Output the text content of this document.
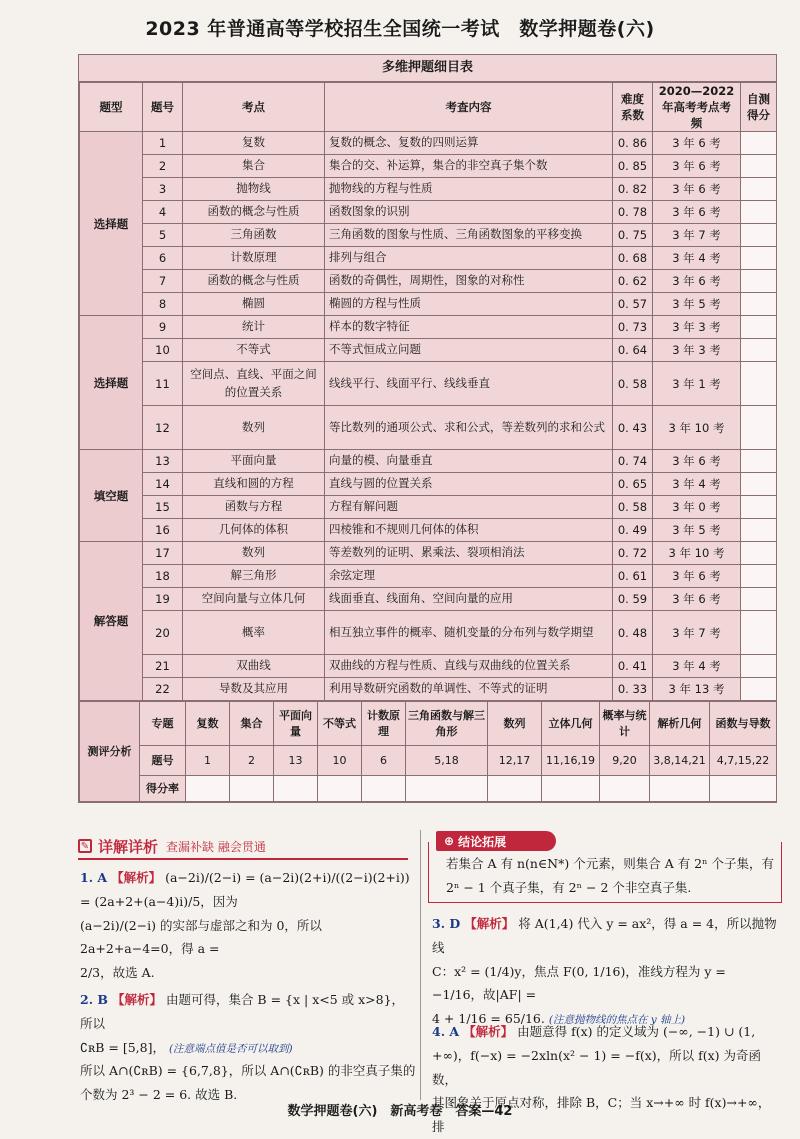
2023 年普通高等学校招生全国统一考试　数学押题卷(六)
多维押题细目表
题型	题号	考点	考查内容	难度系数	2020—2022 年高考考点考频	自测得分
选择题	1	复数	复数的概念、复数的四则运算	0. 86	3 年 6 考	
	2	集合	集合的交、补运算，集合的非空真子集个数	0. 85	3 年 6 考	
	3	抛物线	抛物线的方程与性质	0. 82	3 年 6 考	
	4	函数的概念与性质	函数图象的识别	0. 78	3 年 6 考	
	5	三角函数	三角函数的图象与性质、三角函数图象的平移变换	0. 75	3 年 7 考	
	6	计数原理	排列与组合	0. 68	3 年 4 考	
	7	函数的概念与性质	函数的奇偶性，周期性，图象的对称性	0. 62	3 年 6 考	
	8	椭圆	椭圆的方程与性质	0. 57	3 年 5 考	
选择题	9	统计	样本的数字特征	0. 73	3 年 3 考	
	10	不等式	不等式恒成立问题	0. 64	3 年 3 考	
	11	空间点、直线、平面之间的位置关系	线线平行、线面平行、线线垂直	0. 58	3 年 1 考	
	12	数列	等比数列的通项公式、求和公式，等差数列的求和公式	0. 43	3 年 10 考	
填空题	13	平面向量	向量的模、向量垂直	0. 74	3 年 6 考	
	14	直线和圆的方程	直线与圆的位置关系	0. 65	3 年 4 考	
	15	函数与方程	方程有解问题	0. 58	3 年 0 考	
	16	几何体的体积	四棱锥和不规则几何体的体积	0. 49	3 年 5 考	
解答题	17	数列	等差数列的证明、累乘法、裂项相消法	0. 72	3 年 10 考	
	18	解三角形	余弦定理	0. 61	3 年 6 考	
	19	空间向量与立体几何	线面垂直、线面角、空间向量的应用	0. 59	3 年 6 考	
	20	概率	相互独立事件的概率、随机变量的分布列与数学期望	0. 48	3 年 7 考	
	21	双曲线	双曲线的方程与性质、直线与双曲线的位置关系	0. 41	3 年 4 考	
	22	导数及其应用	利用导数研究函数的单调性、不等式的证明	0. 33	3 年 13 考	
测评分析	专题	复数	集合	平面向量	不等式	计数原理	三角函数与解三角形	数列	立体几何	概率与统计	解析几何	函数与导数
	题号	1	2	13	10	6	5,18	12,17	11,16,19	9,20	3,8,14,21	4,7,15,22
	得分率											
✎ 详解详析 查漏补缺 融会贯通	⊕ 结论拓展
1. A 【解析】 (a−2i)/(2−i) = (a−2i)(2+i)/((2−i)(2+i)) = (2a+2+(a−4)i)/5，因为
(a−2i)/(2−i) 的实部与虚部之和为 0，所以 2a+2+a−4=0，得 a =
2/3，故选 A.
2. B 【解析】 由题可得，集合 B = {x | x<5 或 x>8}，所以
∁ʀB = [5,8]， (注意端点值是否可以取到)
所以 A∩(∁ʀB) = {6,7,8}，所以 A∩(∁ʀB) 的非空真子集的
个数为 2³ − 2 = 6. 故选 B.
若集合 A 有 n(n∈N*) 个元素，则集合 A 有 2ⁿ 个子集，有
2ⁿ − 1 个真子集，有 2ⁿ − 2 个非空真子集.
3. D 【解析】 将 A(1,4) 代入 y = ax²，得 a = 4，所以抛物线
C：x² = (1/4)y，焦点 F(0, 1/16)，准线方程为 y = −1/16，故|AF| =
4 + 1/16 = 65/16. (注意抛物线的焦点在 y 轴上)
4. A 【解析】 由题意得 f(x) 的定义域为 (−∞, −1) ∪ (1,
+∞)，f(−x) = −2xln(x² − 1) = −f(x)，所以 f(x) 为奇函数，
其图象关于原点对称，排除 B，C；当 x→+∞ 时 f(x)→+∞，排
数学押题卷(六)　新高考卷　答案—42
